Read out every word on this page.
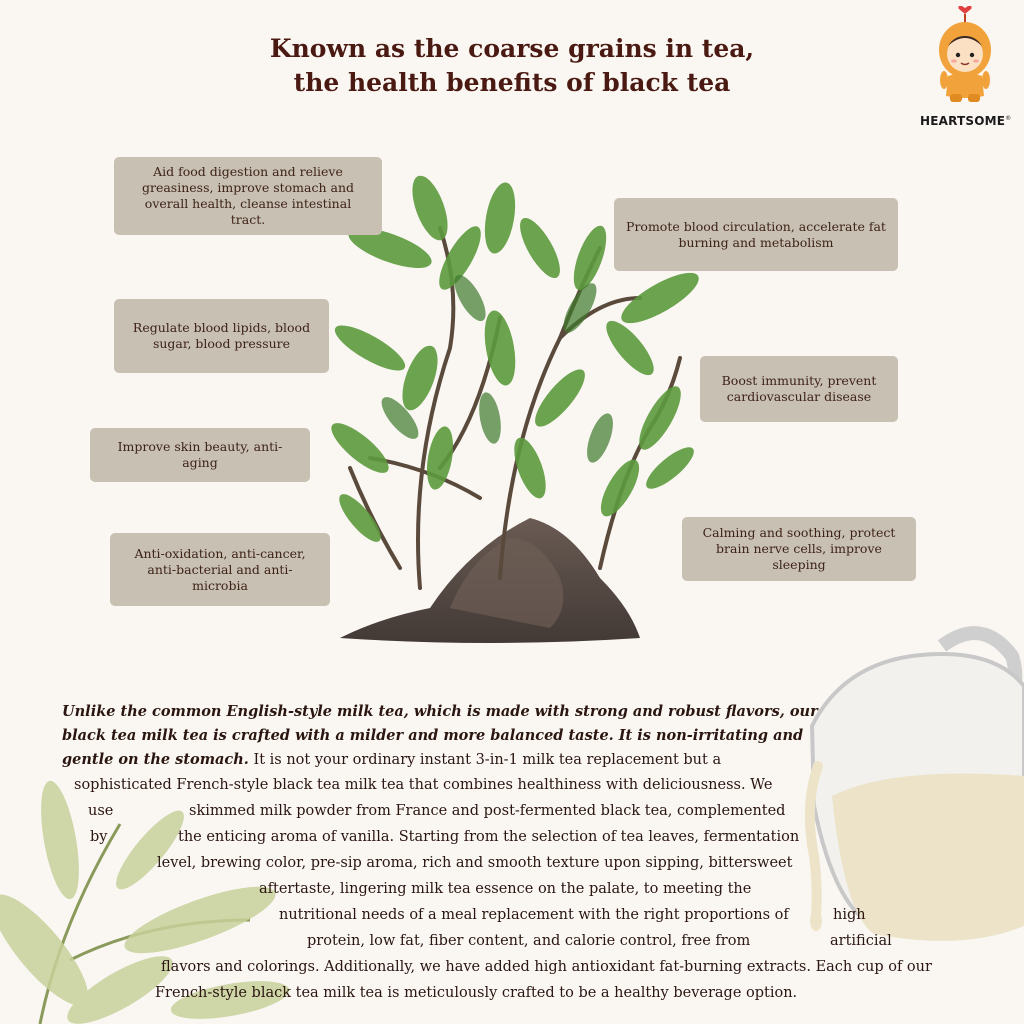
Known as the coarse grains in tea,
the health benefits of black tea
HEARTSOME®
Aid food digestion and relieve
greasiness, improve stomach and
overall health, cleanse intestinal tract.
Regulate blood lipids, blood
sugar, blood pressure
Improve skin beauty, anti-aging
Anti-oxidation, anti-cancer,
anti-bacterial and anti-microbia
Promote blood circulation, accelerate fat
burning and metabolism
Boost immunity, prevent
cardiovascular disease
Calming and soothing, protect
brain nerve cells, improve sleeping
Unlike the common English-style milk tea, which is made with strong and robust flavors, our
black tea milk tea is crafted with a milder and more balanced taste. It is non-irritating and
gentle on the stomach. It is not your ordinary instant 3-in-1 milk tea replacement but a
sophisticated French-style black tea milk tea that combines healthiness with deliciousness. We
use	skimmed milk powder from France and post-fermented black tea, complemented
by	the enticing aroma of vanilla. Starting from the selection of tea leaves, fermentation
level, brewing color, pre-sip aroma, rich and smooth texture upon sipping, bittersweet
aftertaste, lingering milk tea essence on the palate, to meeting the
nutritional needs of a meal replacement with the right proportions of	high
protein, low fat, fiber content, and calorie control, free from	artificial
flavors and colorings. Additionally, we have added high antioxidant fat-burning extracts. Each cup of our
French-style black tea milk tea is meticulously crafted to be a healthy beverage option.
